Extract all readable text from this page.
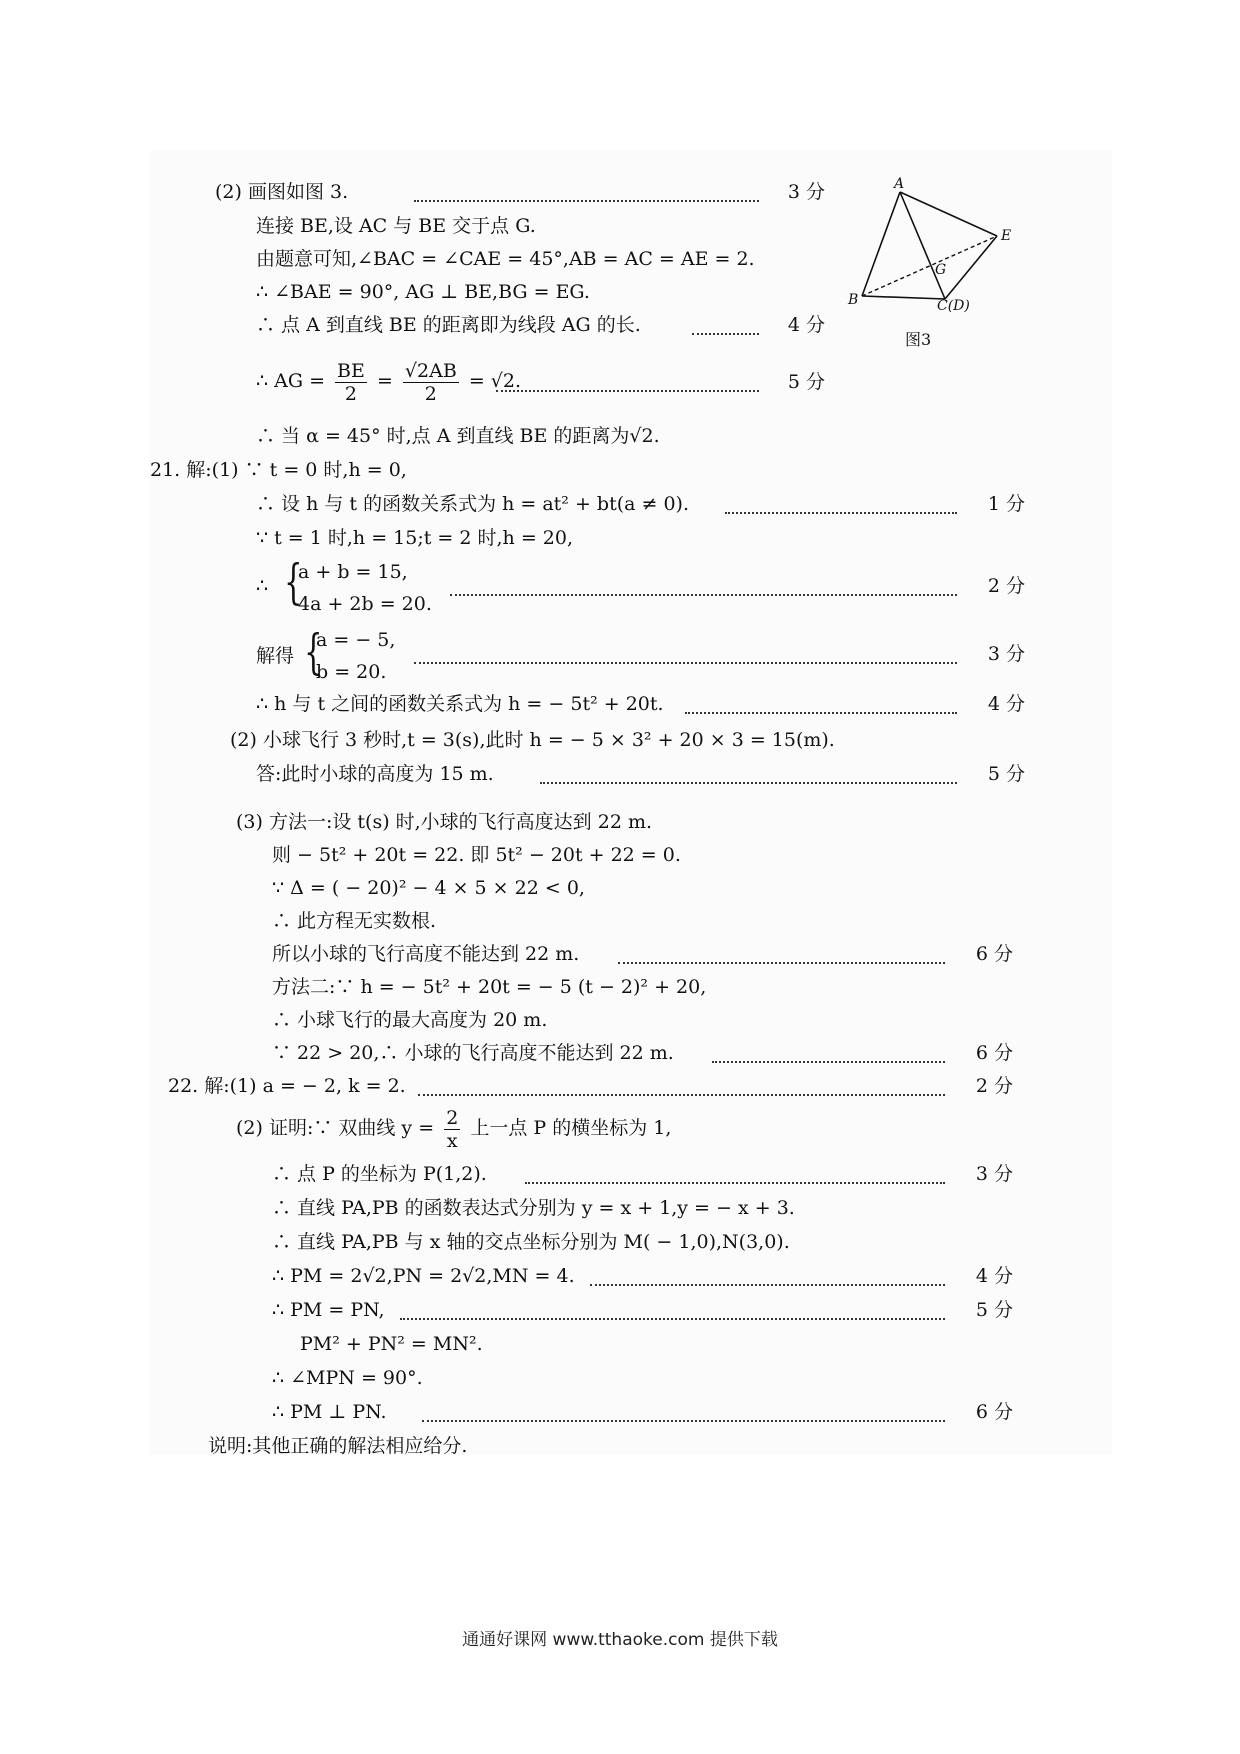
A
E
G
B	C(D)
图3
(2) 画图如图 3.	3 分
连接 BE,设 AC 与 BE 交于点 G.
由题意可知,∠BAC = ∠CAE = 45°,AB = AC = AE = 2.
∴ ∠BAE = 90°, AG ⊥ BE,BG = EG.
∴ 点 A 到直线 BE 的距离即为线段 AG 的长.	4 分
∴ AG = $\frac{BE}{2} = \frac{√2AB}{2} = √2$.	5 分
∴ 当 α = 45° 时,点 A 到直线 BE 的距离为√2.
21. 解:(1) ∵ t = 0 时,h = 0,
∴ 设 h 与 t 的函数关系式为 h = at² + bt(a ≠ 0).	1 分
∵ t = 1 时,h = 15;t = 2 时,h = 20,
∴ {
a + b = 15,
4a + 2b = 20.
2 分
解得 {
a = − 5,
b = 20.
3 分
∴ h 与 t 之间的函数关系式为 h = − 5t² + 20t.	4 分
(2) 小球飞行 3 秒时,t = 3(s),此时 h = − 5 × 3² + 20 × 3 = 15(m).
答:此时小球的高度为 15 m.	5 分
(3) 方法一:设 t(s) 时,小球的飞行高度达到 22 m.
则 − 5t² + 20t = 22. 即 5t² − 20t + 22 = 0.
∵ Δ = ( − 20)² − 4 × 5 × 22 < 0,
∴ 此方程无实数根.
所以小球的飞行高度不能达到 22 m.	6 分
方法二:∵ h = − 5t² + 20t = − 5 (t − 2)² + 20,
∴ 小球飞行的最大高度为 20 m.
∵ 22 > 20,∴ 小球的飞行高度不能达到 22 m.	6 分
22. 解:(1) a = − 2, k = 2.	2 分
(2) 证明:∵ 双曲线 $y = \frac{2}{x}$ 上一点 P 的横坐标为 1,
∴ 点 P 的坐标为 P(1,2).	3 分
∴ 直线 PA,PB 的函数表达式分别为 y = x + 1,y = − x + 3.
∴ 直线 PA,PB 与 x 轴的交点坐标分别为 M( − 1,0),N(3,0).
∴ PM = 2√2,PN = 2√2,MN = 4.	4 分
∴ PM = PN,	5 分
PM² + PN² = MN².
∴ ∠MPN = 90°.
∴ PM ⊥ PN.	6 分
说明:其他正确的解法相应给分.
通通好课网 www.tthaoke.com 提供下载
